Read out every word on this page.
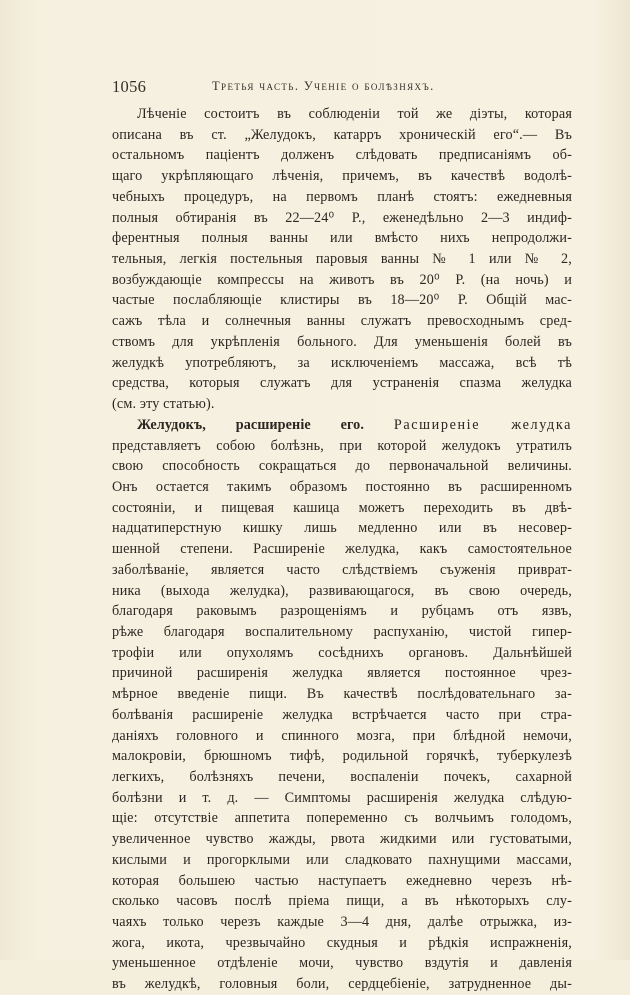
1056	Третья часть. Ученіе о болѣзняхъ.
Лѣченіе состоитъ въ соблюденіи той же діэты, которая
описана въ ст. „Желудокъ, катарръ хроническій его“.— Въ
остальномъ паціентъ долженъ слѣдовать предписаніямъ об-
щаго укрѣпляющаго лѣченія, причемъ, въ качествѣ водолѣ-
чебныхъ процедуръ, на первомъ планѣ стоятъ: ежедневныя
полныя обтиранія въ 22—24⁰ Р., еженедѣльно 2—3 индиф-
ферентныя полныя ванны или вмѣсто нихъ непродолжи-
тельныя, легкія постельныя паровыя ванны № 1 или № 2,
возбуждающіе компрессы на животъ въ 20⁰ Р. (на ночь) и
частые послабляющіе клистиры въ 18—20⁰ Р. Общій мас-
сажъ тѣла и солнечныя ванны служатъ превосходнымъ сред-
ствомъ для укрѣпленія больного. Для уменьшенія болей въ
желудкѣ употребляютъ, за исключеніемъ массажа, всѣ тѣ
средства, которыя служатъ для устраненія спазма желудка
(см. эту статью).
Желудокъ, расширеніе его. Расширеніе желудка
представляетъ собою болѣзнь, при которой желудокъ утратилъ
свою способность сокращаться до первоначальной величины.
Онъ остается такимъ образомъ постоянно въ расширенномъ
состояніи, и пищевая кашица можетъ переходить въ двѣ-
надцатиперстную кишку лишь медленно или въ несовер-
шенной степени. Расширеніе желудка, какъ самостоятельное
заболѣваніе, является часто слѣдствіемъ съуженія приврат-
ника (выхода желудка), развивающагося, въ свою очередь,
благодаря раковымъ разрощеніямъ и рубцамъ отъ язвъ,
рѣже благодаря воспалительному распуханію, чистой гипер-
трофіи или опухолямъ сосѣднихъ органовъ. Дальнѣйшей
причиной расширенія желудка является постоянное чрез-
мѣрное введеніе пищи. Въ качествѣ послѣдовательнаго за-
болѣванія расширеніе желудка встрѣчается часто при стра-
даніяхъ головного и спинного мозга, при блѣдной немочи,
малокровіи, брюшномъ тифѣ, родильной горячкѣ, туберкулезѣ
легкихъ, болѣзняхъ печени, воспаленіи почекъ, сахарной
болѣзни и т. д. — Симптомы расширенія желудка слѣдую-
щіе: отсутствіе аппетита попеременно съ волчьимъ голодомъ,
увеличенное чувство жажды, рвота жидкими или густоватыми,
кислыми и прогорклыми или сладковато пахнущими массами,
которая большею частью наступаетъ ежедневно черезъ нѣ-
сколько часовъ послѣ пріема пищи, а въ нѣкоторыхъ слу-
чаяхъ только черезъ каждые 3—4 дня, далѣе отрыжка, из-
жога, икота, чрезвычайно скудныя и рѣдкія испражненія,
уменьшенное отдѣленіе мочи, чувство вздутія и давленія
въ желудкѣ, головныя боли, сердцебіеніе, затрудненное ды-
